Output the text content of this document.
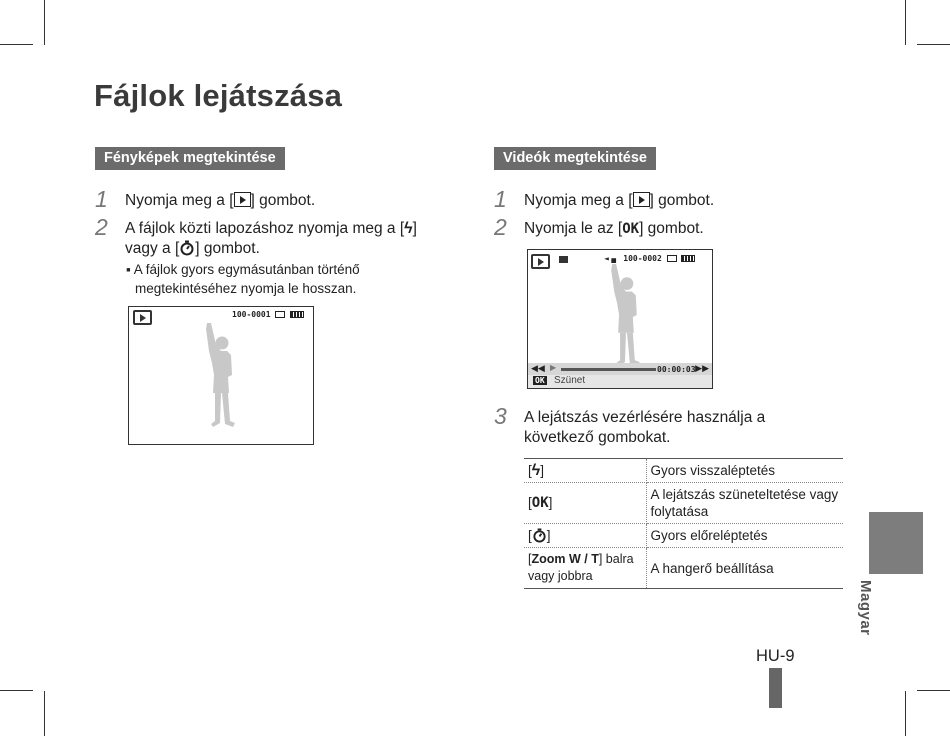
Fájlok lejátszása
Fényképek megtekintése
1 Nyomja meg a [ ] gombot.
2 A fájlok közti lapozáshoz nyomja meg a [ϟ]
vagy a [ ] gombot.
▪ A fájlok gyors egymásutánban történő
megtekintéséhez nyomja le hosszan.
100-0001
Videók megtekintése
1 Nyomja meg a [ ] gombot.
2 Nyomja le az [OK] gombot.
◄▗▖ 100-0002
◀◀ ▶	00:00:03 ▶▶
OK Szünet
3 A lejátszás vezérlésére használja a
következő gombokat.
[ϟ]	Gyors visszaléptetés
[OK]	A lejátszás szüneteltetése vagy folytatása
[ ]	Gyors előreléptetés
[Zoom W / T] balra vagy jobbra	A hangerő beállítása
Magyar
HU-9
